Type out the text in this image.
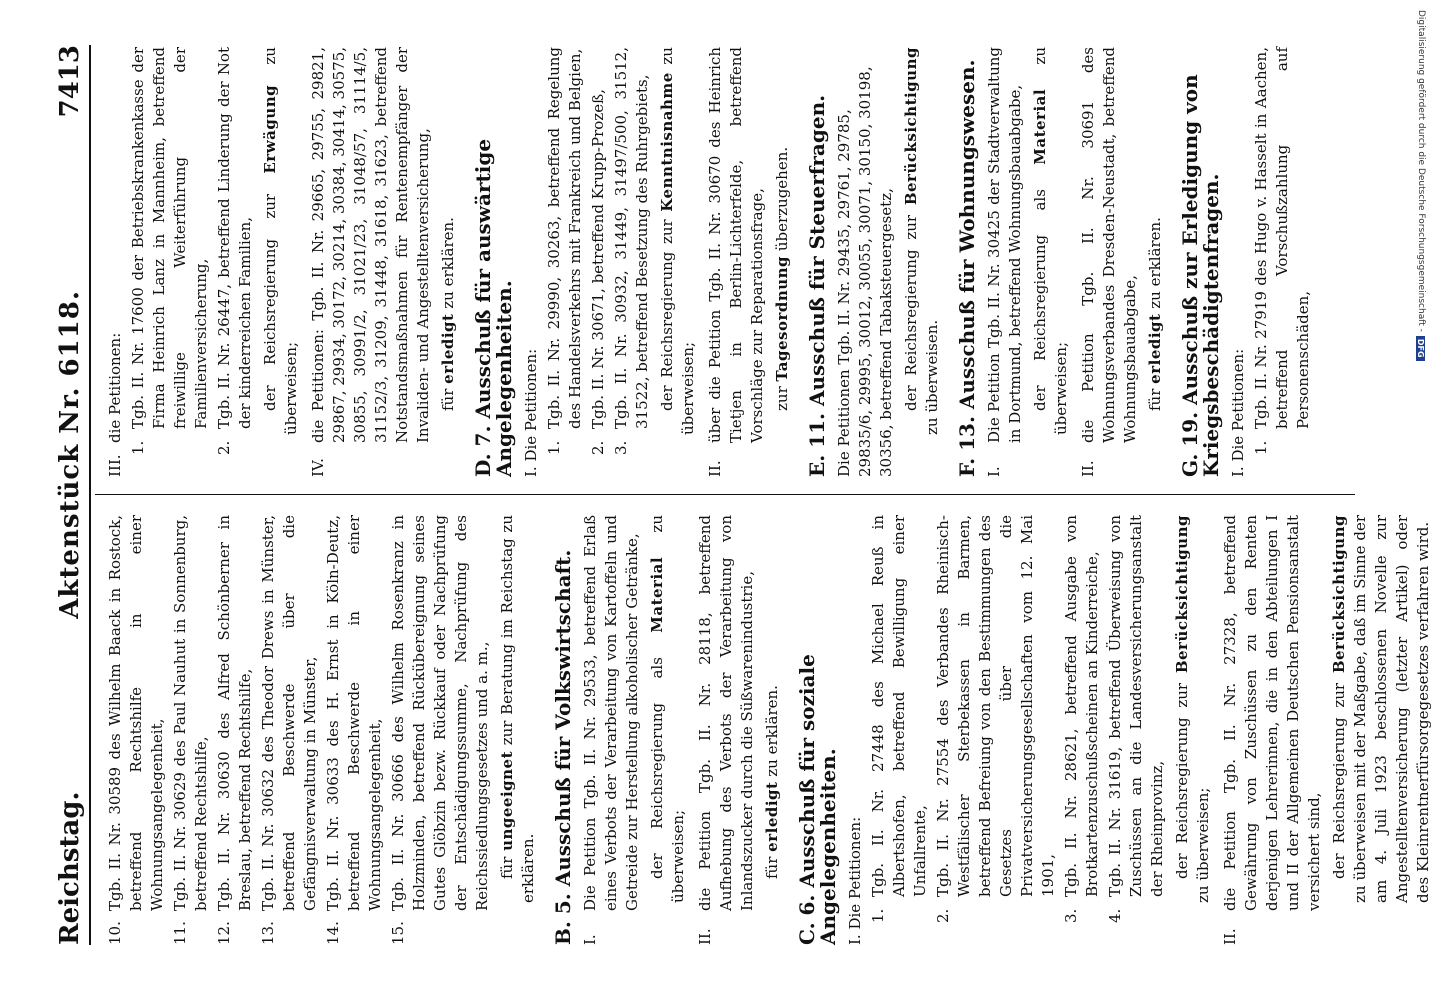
Reichstag.
Aktenstück Nr. 6118.
7413
10.
Tgb. II. Nr. 30589 des Wilhelm Baack in Rostock, betreffend Rechtshilfe in einer Wohnungsangelegenheit,
11.
Tgb. II. Nr. 30629 des Paul Nauhut in Sonnenburg, betreffend Rechtshilfe,
12.
Tgb. II. Nr. 30630 des Alfred Schönberner in Breslau, betreffend Rechtshilfe,
13.
Tgb. II. Nr. 30632 des Theodor Drews in Münster, betreffend Beschwerde über die Gefängnisverwaltung in Münster,
14.
Tgb. II. Nr. 30633 des H. Ernst in Köln-Deutz, betreffend Beschwerde in einer Wohnungsangelegenheit,
15.
Tgb. II. Nr. 30666 des Wilhelm Rosenkranz in Holzminden, betreffend Rückübereignung seines Gutes Glöbzin bezw. Rückkauf oder Nachprüfung der Entschädigungssumme, Nachprüfung des Reichssiedlungsgesetzes und a. m., für ungeeignet zur Beratung im Reichstag zu erklären. B. 5. Ausschuß für Volkswirtschaft. I.
Die Petition Tgb. II. Nr. 29533, betreffend Erlaß eines Verbots der Verarbeitung von Kartoffeln und Getreide zur Herstellung alkoholischer Getränke, der Reichsregierung als Material zu überweisen;
II.
die Petition Tgb. II. Nr. 28118, betreffend Aufhebung des Verbots der Verarbeitung von Inlandszucker durch die Süßwarenindustrie, für erledigt zu erklären. C. 6. Ausschuß für soziale Angelegenheiten. I. Die Petitionen: 1.
Tgb. II. Nr. 27448 des Michael Reuß in Albertshofen, betreffend Bewilligung einer Unfallrente,
2.
Tgb. II. Nr. 27554 des Verbandes Rheinisch-Westfälischer Sterbekassen in Barmen, betreffend Befreiung von den Bestimmungen des Gesetzes über die Privatversicherungsgesellschaften vom 12. Mai 1901,
3.
Tgb. II. Nr. 28621, betreffend Ausgabe von Brotkartenzuschußscheinen an Kinderreiche,
4.
Tgb. II. Nr. 31619, betreffend Überweisung von Zuschüssen an die Landesversicherungsanstalt der Rheinprovinz, der Reichsregierung zur Berücksichtigung zu überweisen;
II.
die Petition Tgb. II. Nr. 27328, betreffend Gewährung von Zuschüssen zu den Renten derjenigen Lehrerinnen, die in den Abteilungen I und II der Allgemeinen Deutschen Pensionsanstalt versichert sind, der Reichsregierung zur Berücksichtigung zu überweisen mit der Maßgabe, daß im Sinne der am 4. Juli 1923 beschlossenen Novelle zur Angestelltenversicherung (letzter Artikel) oder des Kleinrentnerfürsorgegesetzes verfahren wird.
III.
die Petitionen:
1.
Tgb. II. Nr. 17600 der Betriebskrankenkasse der Firma Heinrich Lanz in Mannheim, betreffend freiwillige Weiterführung der Familienversicherung,
2.
Tgb. II. Nr. 26447, betreffend Linderung der Not der kinderreichen Familien, der Reichsregierung zur Erwägung zu überweisen;
IV.
die Petitionen: Tgb. II. Nr. 29665, 29755, 29821, 29867, 29934, 30172, 30214, 30384, 30414, 30575, 30855, 30991/2, 31021/23, 31048/57, 31114/5, 31152/3, 31209, 31448, 31618, 31623, betreffend Notstandsmaßnahmen für Rentenempfänger der Invaliden- und Angestelltenversicherung, für erledigt zu erklären. D. 7. Ausschuß für auswärtige Angelegenheiten. I. Die Petitionen: 1.
Tgb. II. Nr. 29990, 30263, betreffend Regelung des Handelsverkehrs mit Frankreich und Belgien,
2.
Tgb. II. Nr. 30671, betreffend Krupp-Prozeß,
3.
Tgb. II. Nr. 30932, 31449, 31497/500, 31512, 31522, betreffend Besetzung des Ruhrgebiets, der Reichsregierung zur Kenntnisnahme zu überweisen;
II.
über die Petition Tgb. II. Nr. 30670 des Heinrich Tietjen in Berlin-Lichterfelde, betreffend Vorschläge zur Reparationsfrage, zur Tagesordnung überzugehen. E. 11. Ausschuß für Steuerfragen. Die Petitionen Tgb. II. Nr. 29435, 29761, 29785, 29835/6, 29995, 30012, 30055, 30071, 30150, 30198, 30356, betreffend Tabaksteuergesetz, der Reichsregierung zur Berücksichtigung zu überweisen. F. 13. Ausschuß für Wohnungswesen. I.
Die Petition Tgb. II. Nr. 30425 der Stadtverwaltung in Dortmund, betreffend Wohnungsbauabgabe, der Reichsregierung als Material zu überweisen;
II.
die Petition Tgb. II. Nr. 30691 des Wohnungsverbandes Dresden-Neustadt, betreffend Wohnungsbauabgabe, für erledigt zu erklären. G. 19. Ausschuß zur Erledigung von Kriegsbeschädigtenfragen. I. Die Petitionen: 1.
Tgb. II. Nr. 27919 des Hugo v. Hasselt in Aachen, betreffend Vorschußzahlung auf Personenschäden,
Digitalisierung gefördert durch die Deutsche Forschungsgemeinschaft -
DFG
